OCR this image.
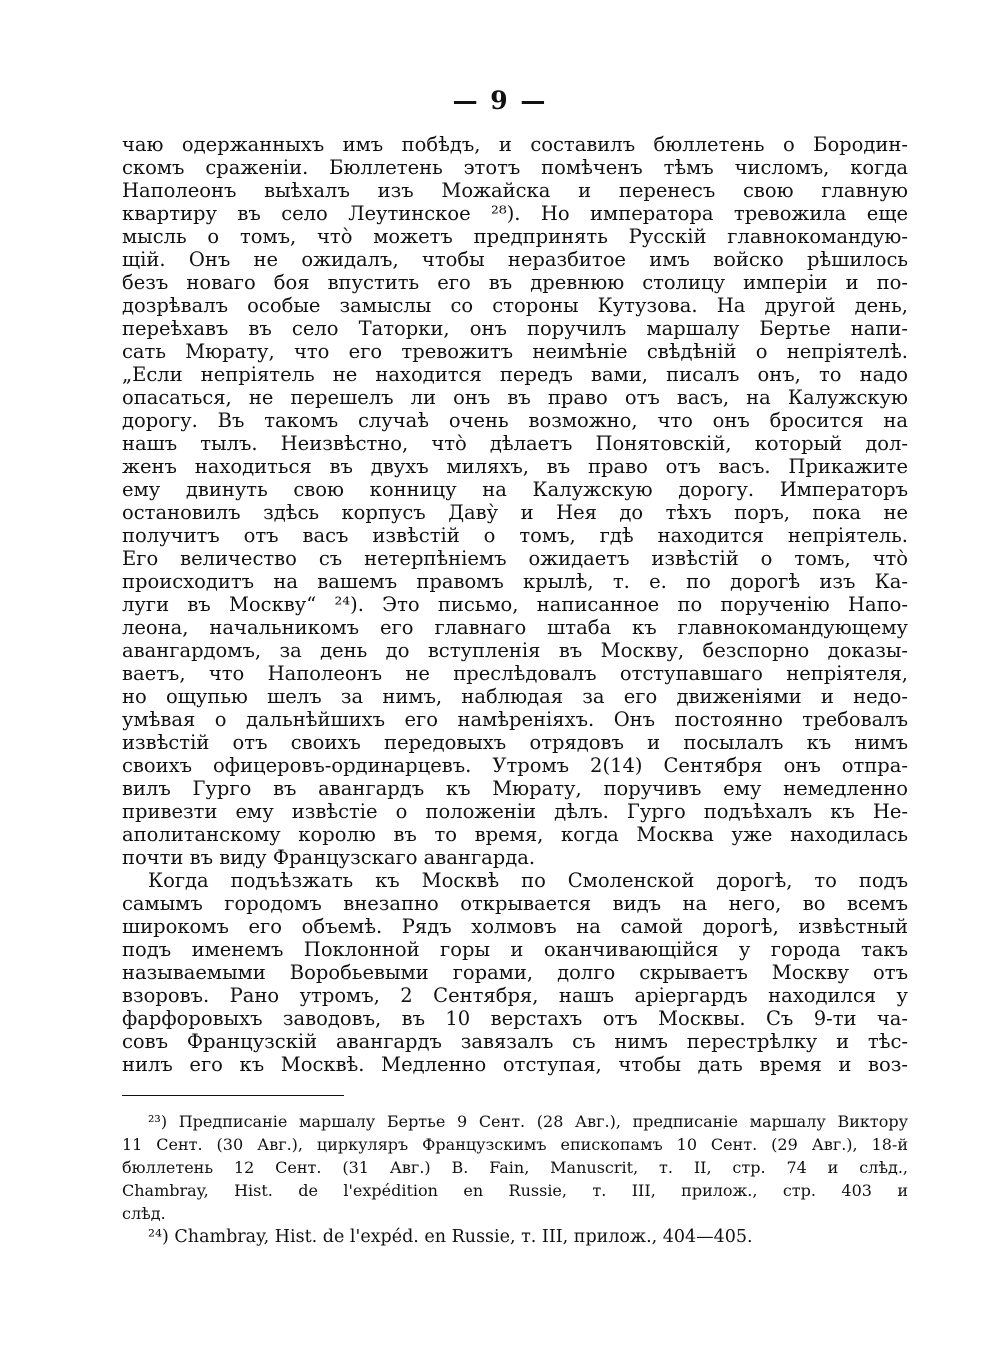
— 9 —
чаю одержанныхъ имъ побѣдъ, и составилъ бюллетень о Бородин-
скомъ сраженіи. Бюллетень этотъ помѣченъ тѣмъ числомъ, когда
Наполеонъ выѣхалъ изъ Можайска и перенесъ свою главную
квартиру въ село Леутинское ²⁸). Но императора тревожила еще
мысль о томъ, что̀ можетъ предпринять Русскій главнокомандую-
щій. Онъ не ожидалъ, чтобы неразбитое имъ войско рѣшилось
безъ новаго боя впустить его въ древнюю столицу имперіи и по-
дозрѣвалъ особые замыслы со стороны Кутузова. На другой день,
переѣхавъ въ село Таторки, онъ поручилъ маршалу Бертье напи-
сать Мюрату, что его тревожитъ неимѣніе свѣдѣній о непріятелѣ.
„Если непріятель не находится передъ вами, писалъ онъ, то надо
опасаться, не перешелъ ли онъ въ право отъ васъ, на Калужскую
дорогу. Въ такомъ случаѣ очень возможно, что онъ бросится на
нашъ тылъ. Неизвѣстно, что̀ дѣлаетъ Понятовскій, который дол-
женъ находиться въ двухъ миляхъ, въ право отъ васъ. Прикажите
ему двинуть свою конницу на Калужскую дорогу. Императоръ
остановилъ здѣсь корпусъ Даву̀ и Нея до тѣхъ поръ, пока не
получитъ отъ васъ извѣстій о томъ, гдѣ находится непріятель.
Его величество съ нетерпѣніемъ ожидаетъ извѣстій о томъ, что̀
происходитъ на вашемъ правомъ крылѣ, т. е. по дорогѣ изъ Ка-
луги въ Москву“ ²⁴). Это письмо, написанное по порученію Напо-
леона, начальникомъ его главнаго штаба къ главнокомандующему
авангардомъ, за день до вступленія въ Москву, безспорно доказы-
ваетъ, что Наполеонъ не преслѣдовалъ отступавшаго непріятеля,
но ощупью шелъ за нимъ, наблюдая за его движеніями и недо-
умѣвая о дальнѣйшихъ его намѣреніяхъ. Онъ постоянно требовалъ
извѣстій отъ своихъ передовыхъ отрядовъ и посылалъ къ нимъ
своихъ офицеровъ-ординарцевъ. Утромъ 2(14) Сентября онъ отпра-
вилъ Гурго въ авангардъ къ Мюрату, поручивъ ему немедленно
привезти ему извѣстіе о положеніи дѣлъ. Гурго подъѣхалъ къ Не-
аполитанскому королю въ то время, когда Москва уже находилась
почти въ виду Французскаго авангарда.
Когда подъѣзжать къ Москвѣ по Смоленской дорогѣ, то подъ
самымъ городомъ внезапно открывается видъ на него, во всемъ
широкомъ его объемѣ. Рядъ холмовъ на самой дорогѣ, извѣстный
подъ именемъ Поклонной горы и оканчивающійся у города такъ
называемыми Воробьевыми горами, долго скрываетъ Москву отъ
взоровъ. Рано утромъ, 2 Сентября, нашъ аріергардъ находился у
фарфоровыхъ заводовъ, въ 10 верстахъ отъ Москвы. Съ 9-ти ча-
совъ Французскій авангардъ завязалъ съ нимъ перестрѣлку и тѣс-
нилъ его къ Москвѣ. Медленно отступая, чтобы дать время и воз-
²³) Предписаніе маршалу Бертье 9 Сент. (28 Авг.), предписаніе маршалу Виктору
11 Сент. (30 Авг.), циркуляръ Французскимъ епископамъ 10 Сент. (29 Авг.), 18-й
бюллетень 12 Сент. (31 Авг.) B. Fain, Manuscrit, т. II, стр. 74 и слѣд.,
Chambray, Hist. de l'expédition en Russie, т. III, прилож., стр. 403 и
слѣд.
²⁴) Chambray, Hist. de l'expéd. en Russie, т. III, прилож., 404—405.
